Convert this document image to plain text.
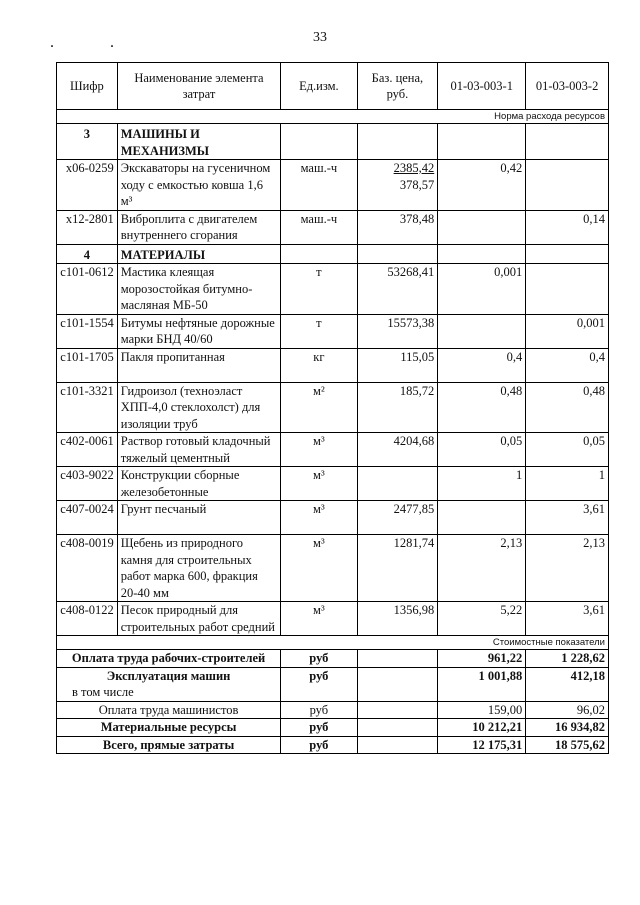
. .	33
Шифр	Наименование элемента затрат	Ед.изм.	Баз. цена, руб.	01-03-003-1	01-03-003-2
Норма расхода ресурсов					
3	МАШИНЫ И МЕХАНИЗМЫ				
х06-0259	Экскаваторы на гусеничном ходу с емкостью ковша 1,6 м³	маш.-ч	2385,42
378,57	0,42	
х12-2801	Виброплита с двигателем внутреннего сгорания	маш.-ч	378,48		0,14
4	МАТЕРИАЛЫ				
с101-0612	Мастика клеящая морозостойкая битумно-масляная МБ-50	т	53268,41	0,001	
с101-1554	Битумы нефтяные дорожные марки БНД 40/60	т	15573,38		0,001
с101-1705	Пакля пропитанная	кг	115,05	0,4	0,4
с101-3321	Гидроизол (техноэласт ХПП-4,0 стеклохолст) для изоляции труб	м²	185,72	0,48	0,48
с402-0061	Раствор готовый кладочный тяжелый цементный	м³	4204,68	0,05	0,05
с403-9022	Конструкции сборные железобетонные	м³		1	1
с407-0024	Грунт песчаный	м³	2477,85		3,61
с408-0019	Щебень из природного камня для строительных работ марка 600, фракция 20-40 мм	м³	1281,74	2,13	2,13
с408-0122	Песок природный для строительных работ средний	м³	1356,98	5,22	3,61
Стоимостные показатели					

Оплата труда рабочих-строителей		руб		961,22	1 228,62

Эксплуатация машин
в том числе		руб		1 001,88	412,18

Оплата труда машинистов		руб		159,00	96,02

Материальные ресурсы		руб		10 212,21	16 934,82

Всего, прямые затраты		руб		12 175,31	18 575,62
